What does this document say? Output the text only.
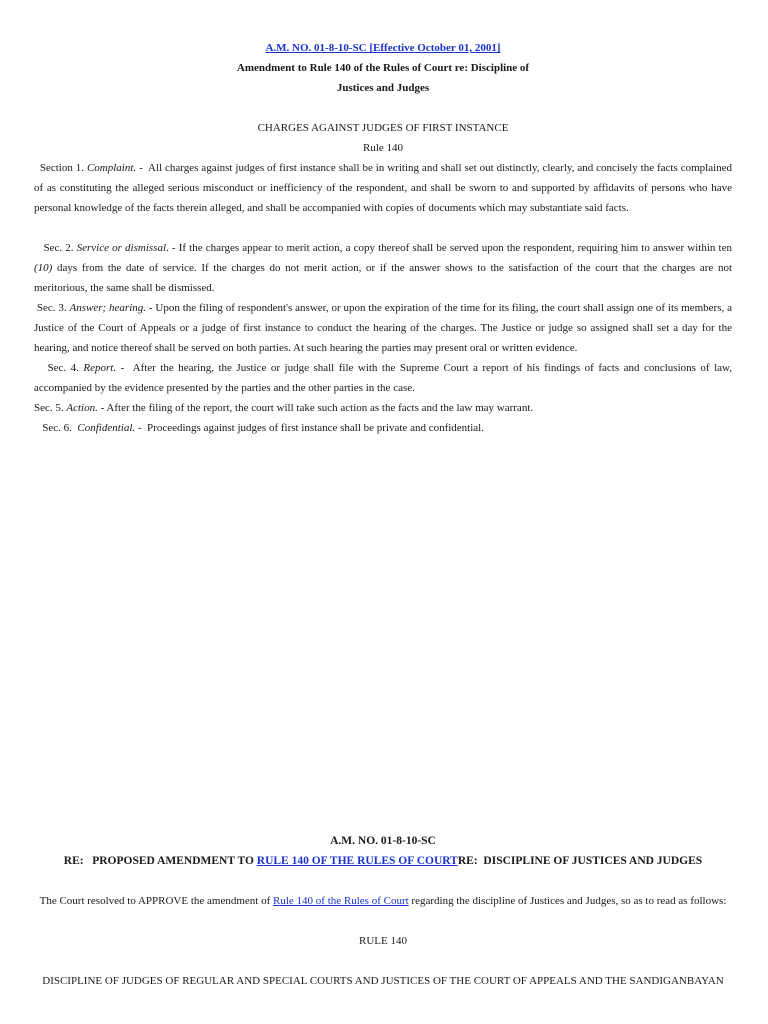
A.M. NO. 01-8-10-SC [Effective October 01, 2001]

Amendment to Rule 140 of the Rules of Court re: Discipline of

Justices and Judges

CHARGES AGAINST JUDGES OF FIRST INSTANCE

Rule 140

Section 1. Complaint. -  All charges against judges of first instance shall be in writing and shall set out distinctly, clearly, and concisely the facts complained of as constituting the alleged serious misconduct or inefficiency of the respondent, and shall be sworn to and supported by affidavits of persons who have personal knowledge of the facts therein alleged, and shall be accompanied with copies of documents which may substantiate said facts.

Sec. 2. Service or dismissal. - If the charges appear to merit action, a copy thereof shall be served upon the respondent, requiring him to answer within ten (10) days from the date of service. If the charges do not merit action, or if the answer shows to the satisfaction of the court that the charges are not meritorious, the same shall be dismissed.

Sec. 3. Answer; hearing. - Upon the filing of respondent's answer, or upon the expiration of the time for its filing, the court shall assign one of its members, a Justice of the Court of Appeals or a judge of first instance to conduct the hearing of the charges. The Justice or judge so assigned shall set a day for the hearing, and notice thereof shall be served on both parties. At such hearing the parties may present oral or written evidence.

Sec. 4. Report. -  After the hearing, the Justice or judge shall file with the Supreme Court a report of his findings of facts and conclusions of law, accompanied by the evidence presented by the parties and the other parties in the case.

Sec. 5. Action. - After the filing of the report, the court will take such action as the facts and the law may warrant.

Sec. 6.  Confidential. -  Proceedings against judges of first instance shall be private and confidential.

A.M. NO. 01-8-10-SC

RE:   PROPOSED AMENDMENT TO RULE 140 OF THE RULES OF COURTRE:  DISCIPLINE OF JUSTICES AND JUDGES

The Court resolved to APPROVE the amendment of Rule 140 of the Rules of Court regarding the discipline of Justices and Judges, so as to read as follows:

RULE 140

DISCIPLINE OF JUDGES OF REGULAR AND SPECIAL COURTS AND JUSTICES OF THE COURT OF APPEALS AND THE SANDIGANBAYAN
